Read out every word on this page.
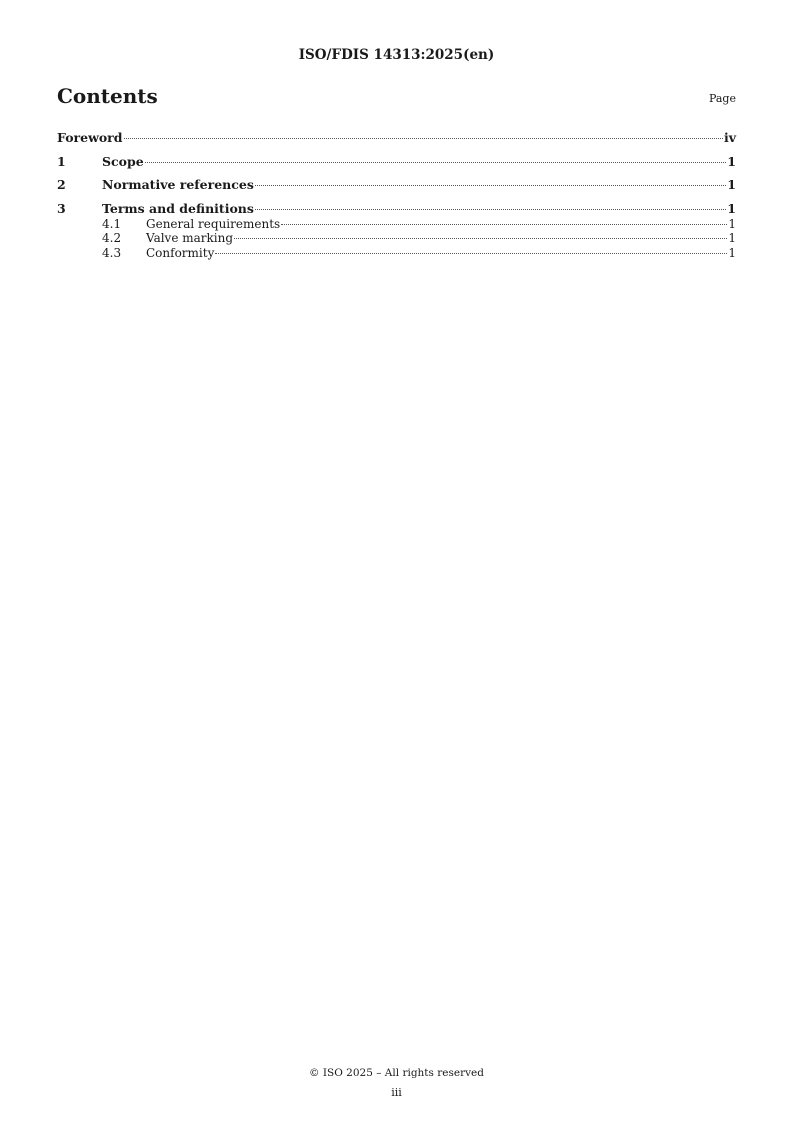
ISO/FDIS 14313:2025(en)
Contents	Page
Foreword	iv
1	Scope	1
2	Normative references	1
3	Terms and definitions	1
4.1	General requirements	1
4.2	Valve marking	1
4.3	Conformity	1
© ISO 2025 – All rights reserved
iii
